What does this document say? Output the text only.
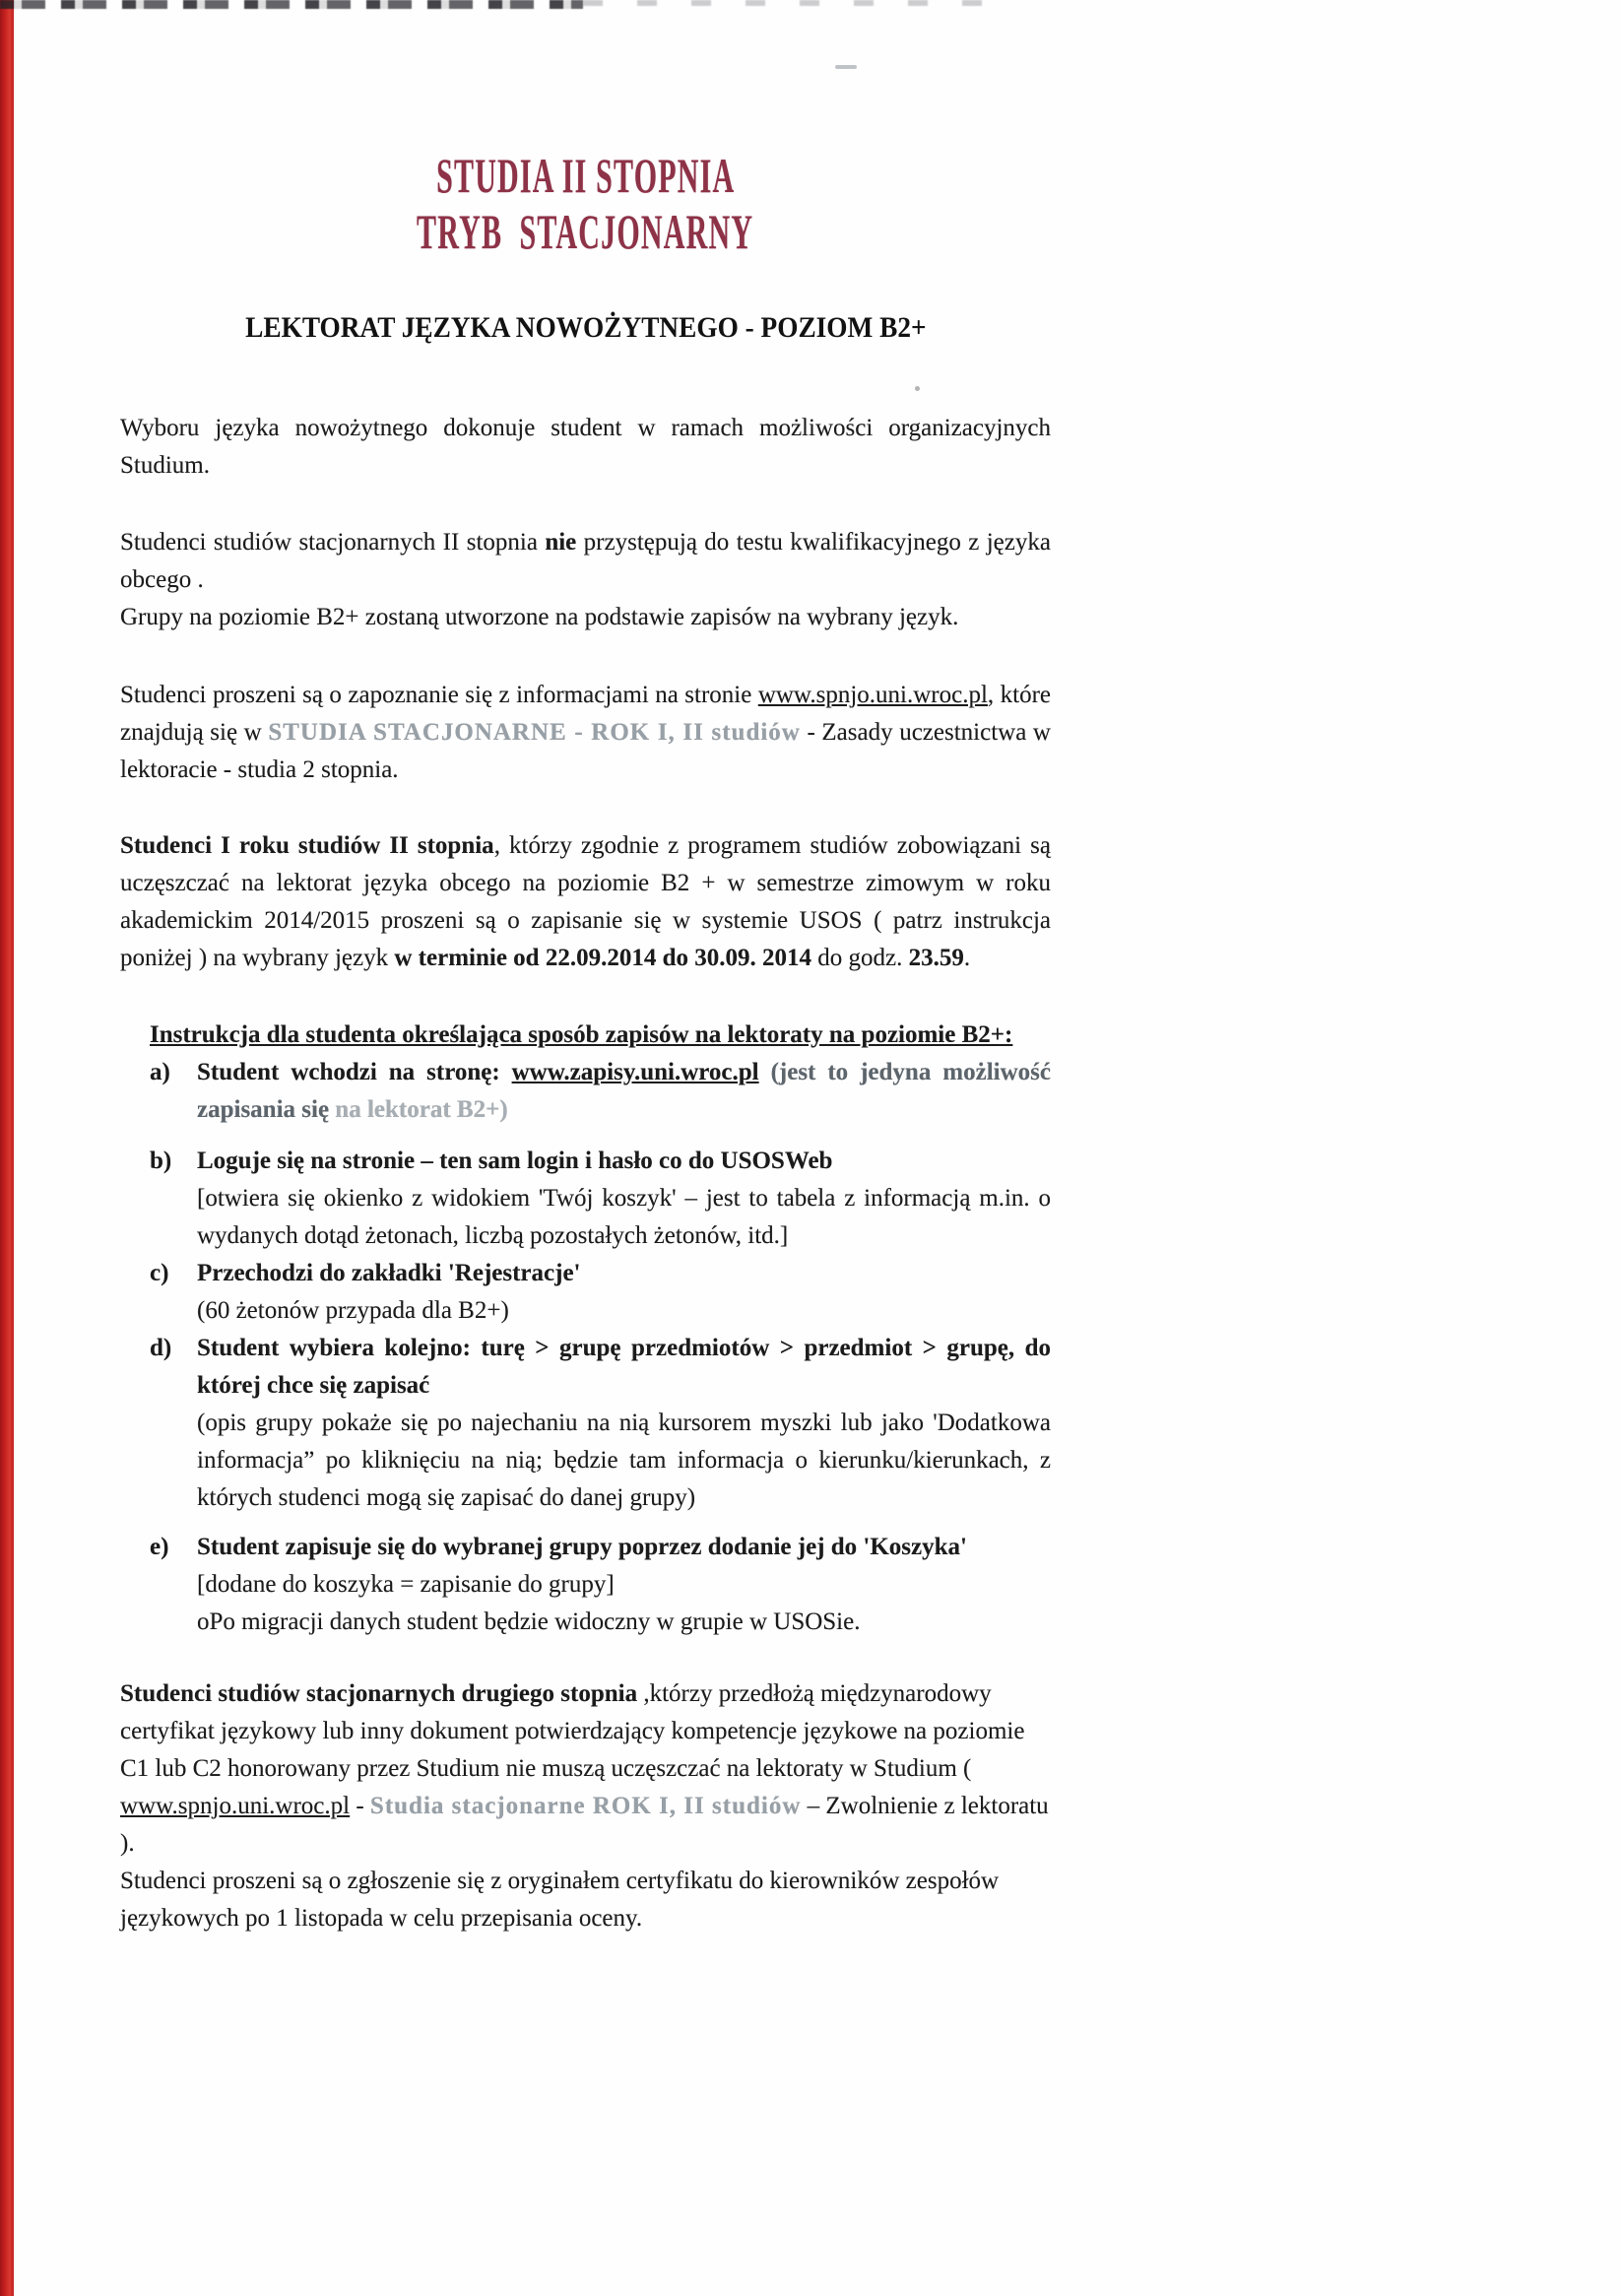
STUDIA II STOPNIA
TRYB  STACJONARNY
LEKTORAT JĘZYKA NOWOŻYTNEGO - POZIOM B2+

Wyboru języka nowożytnego dokonuje student w ramach możliwości organizacyjnych Studium.

Studenci studiów stacjonarnych II stopnia nie przystępują do testu kwalifikacyjnego z języka obcego .
Grupy na poziomie B2+ zostaną utworzone na podstawie zapisów na wybrany język.

Studenci proszeni są o zapoznanie się z informacjami na stronie www.spnjo.uni.wroc.pl, które znajdują się w STUDIA STACJONARNE - ROK I, II studiów - Zasady uczestnictwa w lektoracie - studia 2 stopnia.

Studenci I roku studiów II stopnia, którzy zgodnie z programem studiów zobowiązani są uczęszczać na lektorat języka obcego na poziomie B2 + w semestrze zimowym w roku akademickim 2014/2015 proszeni są o zapisanie się w systemie USOS ( patrz instrukcja poniżej ) na wybrany język w terminie od 22.09.2014 do 30.09. 2014 do godz. 23.59.

Instrukcja dla studenta określająca sposób zapisów na lektoraty na poziomie B2+:
a) Student wchodzi na stronę: www.zapisy.uni.wroc.pl (jest to jedyna możliwość zapisania się na lektorat B2+)
b) Loguje się na stronie – ten sam login i hasło co do USOSWeb
[otwiera się okienko z widokiem 'Twój koszyk' – jest to tabela z informacją m.in. o wydanych dotąd żetonach, liczbą pozostałych żetonów, itd.]
c) Przechodzi do zakładki 'Rejestracje'
(60 żetonów przypada dla B2+)
d) Student wybiera kolejno: turę > grupę przedmiotów > przedmiot > grupę, do której chce się zapisać
(opis grupy pokaże się po najechaniu na nią kursorem myszki lub jako 'Dodatkowa informacja” po kliknięciu na nią; będzie tam informacja o kierunku/kierunkach, z których studenci mogą się zapisać do danej grupy)
e) Student zapisuje się do wybranej grupy poprzez dodanie jej do 'Koszyka'
[dodane do koszyka = zapisanie do grupy]
oPo migracji danych student będzie widoczny w grupie w USOSie.

Studenci studiów stacjonarnych drugiego stopnia ,którzy przedłożą międzynarodowy certyfikat językowy lub inny dokument potwierdzający kompetencje językowe na poziomie C1 lub C2 honorowany przez Studium nie muszą uczęszczać na lektoraty w Studium ( www.spnjo.uni.wroc.pl - Studia stacjonarne ROK I, II studiów – Zwolnienie z lektoratu ).

Studenci proszeni są o zgłoszenie się z oryginałem certyfikatu do kierowników zespołów językowych po 1 listopada w celu przepisania oceny.
